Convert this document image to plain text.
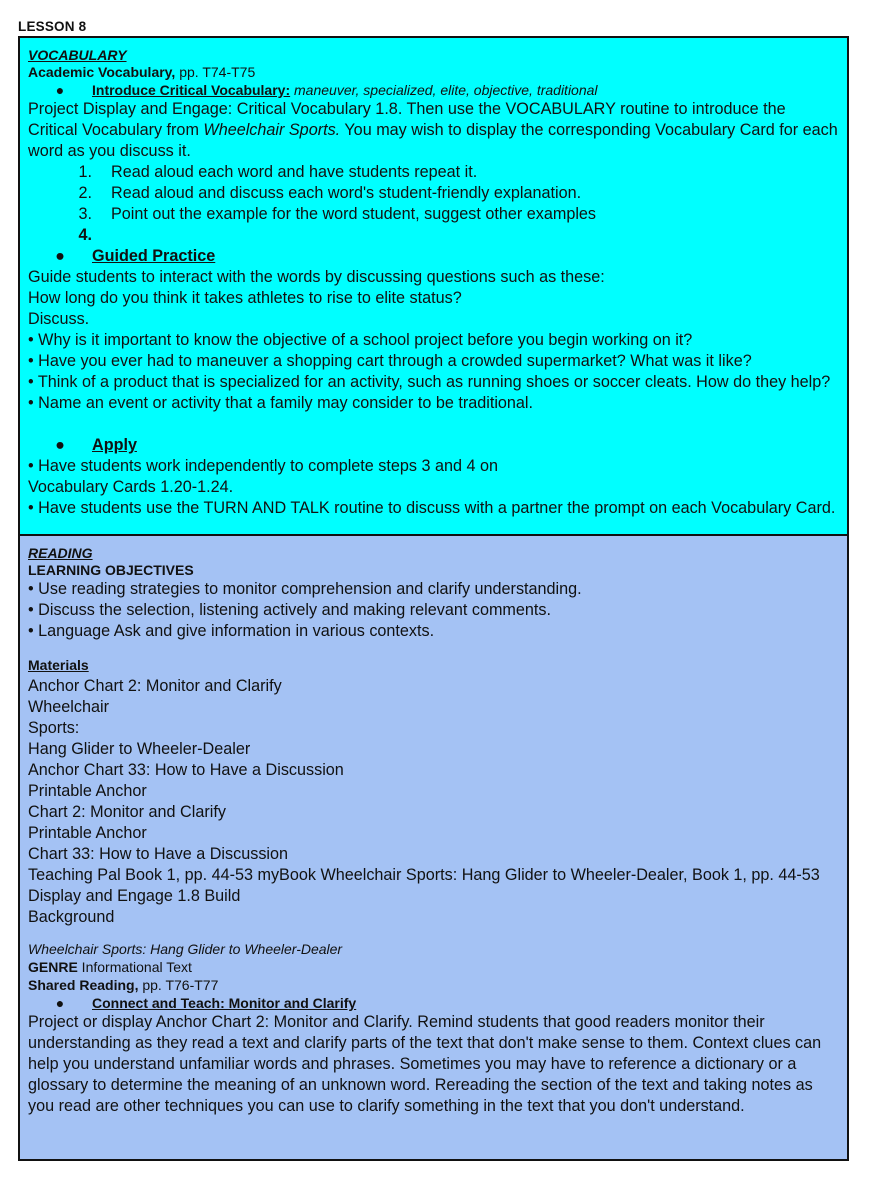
LESSON 8
VOCABULARY
Academic Vocabulary, pp. T74-T75
●	Introduce Critical Vocabulary: maneuver, specialized, elite, objective, traditional
Project Display and Engage: Critical Vocabulary 1.8. Then use the VOCABULARY routine to introduce the Critical Vocabulary from Wheelchair Sports. You may wish to display the corresponding Vocabulary Card for each word as you discuss it.
1.	Read aloud each word and have students repeat it.
2.	Read aloud and discuss each word's student-friendly explanation.
3.	Point out the example for the word student, suggest other examples
4.
●	Guided Practice
Guide students to interact with the words by discussing questions such as these:
How long do you think it takes athletes to rise to elite status?
Discuss.
• Why is it important to know the objective of a school project before you begin working on it?
• Have you ever had to maneuver a shopping cart through a crowded supermarket? What was it like?
• Think of a product that is specialized for an activity, such as running shoes or soccer cleats. How do they help?
• Name an event or activity that a family may consider to be traditional.
●	Apply
• Have students work independently to complete steps 3 and 4 on
Vocabulary Cards 1.20-1.24.
• Have students use the TURN AND TALK routine to discuss with a partner the prompt on each Vocabulary Card.
READING
LEARNING OBJECTIVES
• Use reading strategies to monitor comprehension and clarify understanding.
• Discuss the selection, listening actively and making relevant comments.
• Language Ask and give information in various contexts.
Materials
Anchor Chart 2: Monitor and Clarify
Wheelchair
Sports:
Hang Glider to Wheeler-Dealer
Anchor Chart 33: How to Have a Discussion
Printable Anchor
Chart 2: Monitor and Clarify
Printable Anchor
Chart 33: How to Have a Discussion
Teaching Pal Book 1, pp. 44-53 myBook Wheelchair Sports: Hang Glider to Wheeler-Dealer, Book 1, pp. 44-53
Display and Engage 1.8 Build
Background
Wheelchair Sports: Hang Glider to Wheeler-Dealer
GENRE Informational Text
Shared Reading, pp. T76-T77
●	Connect and Teach: Monitor and Clarify
Project or display Anchor Chart 2: Monitor and Clarify. Remind students that good readers monitor their understanding as they read a text and clarify parts of the text that don't make sense to them. Context clues can help you understand unfamiliar words and phrases. Sometimes you may have to reference a dictionary or a glossary to determine the meaning of an unknown word. Rereading the section of the text and taking notes as you read are other techniques you can use to clarify something in the text that you don't understand.
